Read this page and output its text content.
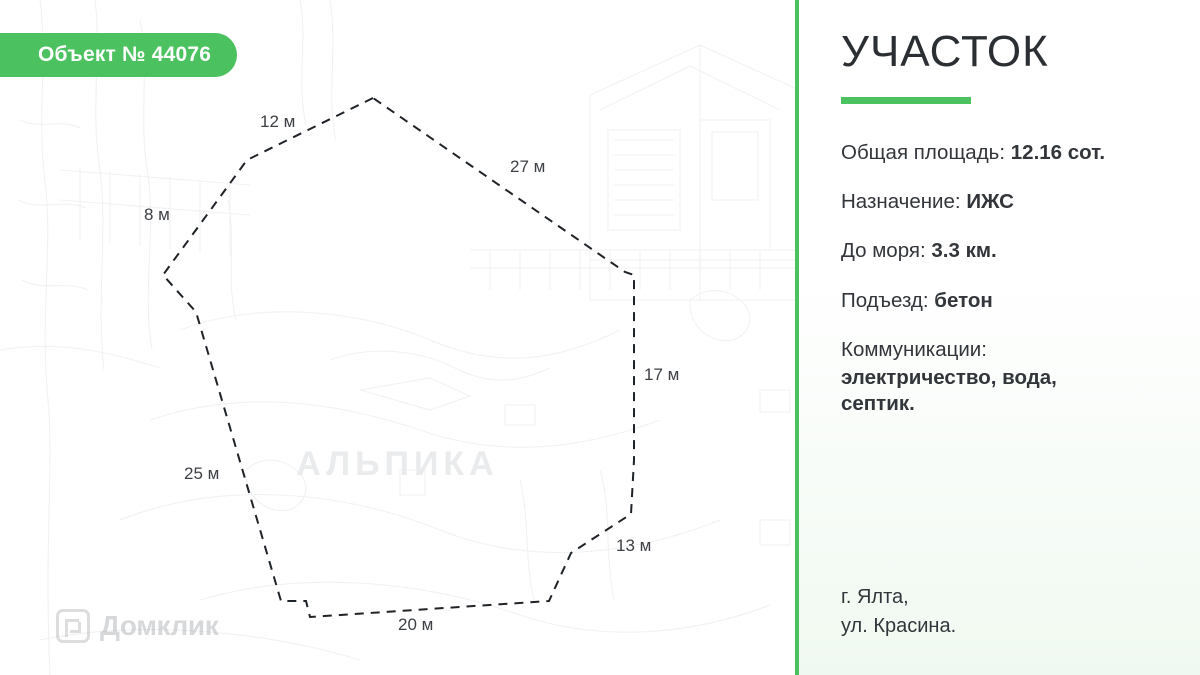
АЛЬПИКА
12 м
27 м
8 м
17 м
25 м
13 м
20 м
Объект № 44076
Домклик
УЧАСТОК
Общая площадь: 12.16 сот.
Назначение: ИЖС
До моря: 3.3 км.
Подъезд: бетон
Коммуникации:
электричество, вода, септик.
г. Ялта,
ул. Красина.
